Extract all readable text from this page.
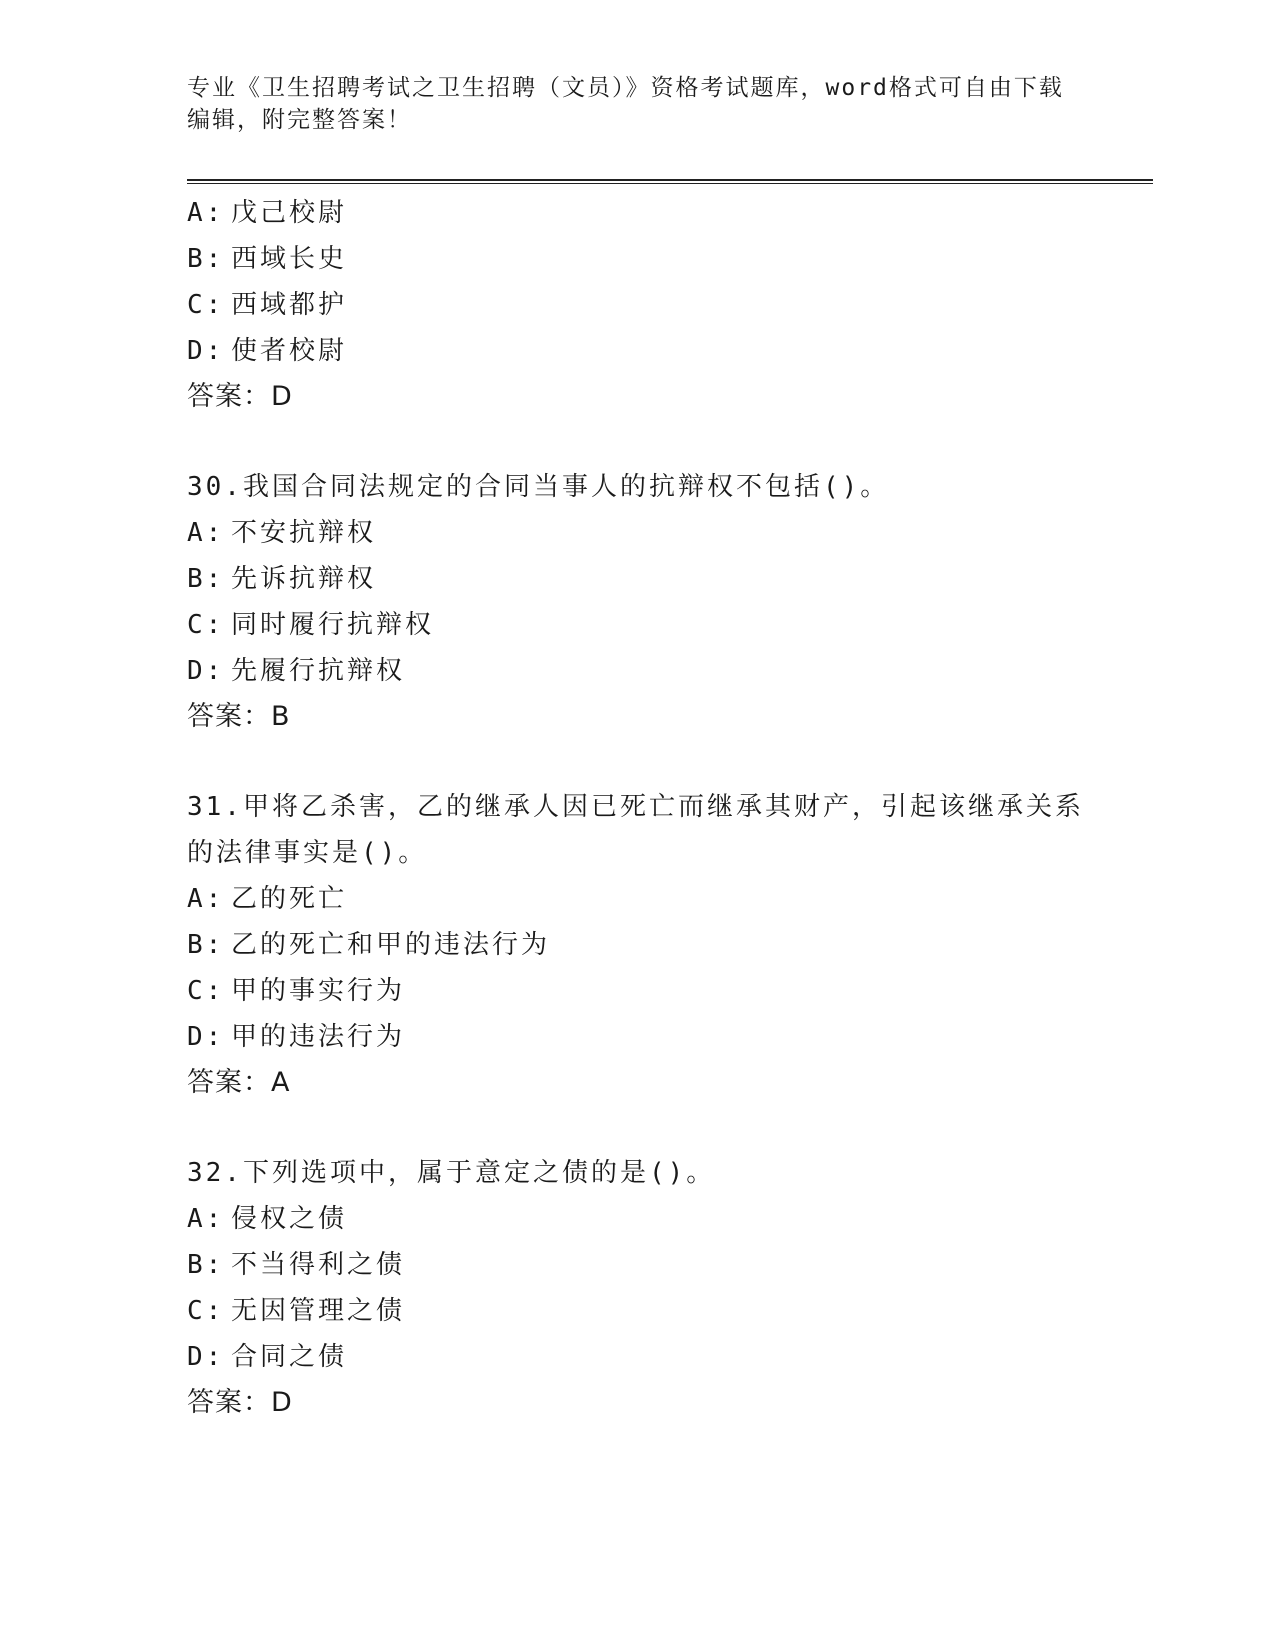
专业《卫生招聘考试之卫生招聘（文员）》资格考试题库，word格式可自由下载编辑，附完整答案！
A: 戊己校尉
B: 西域长史
C: 西域都护
D: 使者校尉
答案：D
30.我国合同法规定的合同当事人的抗辩权不包括()。
A: 不安抗辩权
B: 先诉抗辩权
C: 同时履行抗辩权
D: 先履行抗辩权
答案：B
31.甲将乙杀害，乙的继承人因已死亡而继承其财产，引起该继承关系的法律事实是()。
A: 乙的死亡
B: 乙的死亡和甲的违法行为
C: 甲的事实行为
D: 甲的违法行为
答案：A
32.下列选项中，属于意定之债的是()。
A: 侵权之债
B: 不当得利之债
C: 无因管理之债
D: 合同之债
答案：D
